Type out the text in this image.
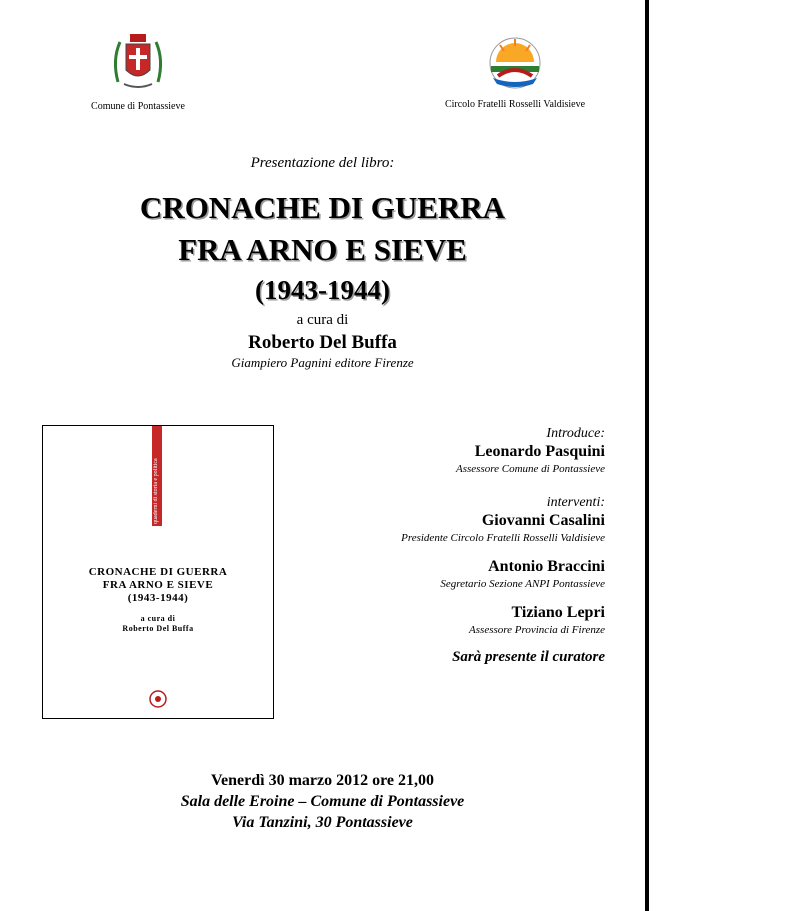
Comune di Pontassieve	Circolo Fratelli Rosselli Valdisieve
Presentazione del libro:
CRONACHE DI GUERRA
FRA ARNO E SIEVE
(1943-1944)
a cura di
Roberto Del Buffa
Giampiero Pagnini editore Firenze
quaderni di storia e politica
CRONACHE DI GUERRA
FRA ARNO E SIEVE
(1943-1944)
a cura di
Roberto Del Buffa
Introduce:
Leonardo Pasquini
Assessore Comune di Pontassieve
interventi:
Giovanni Casalini
Presidente Circolo Fratelli Rosselli Valdisieve
Antonio Braccini
Segretario Sezione ANPI Pontassieve
Tiziano Lepri
Assessore Provincia di Firenze
Sarà presente il curatore
Venerdì 30 marzo 2012 ore 21,00
Sala delle Eroine – Comune di Pontassieve
Via Tanzini, 30 Pontassieve
